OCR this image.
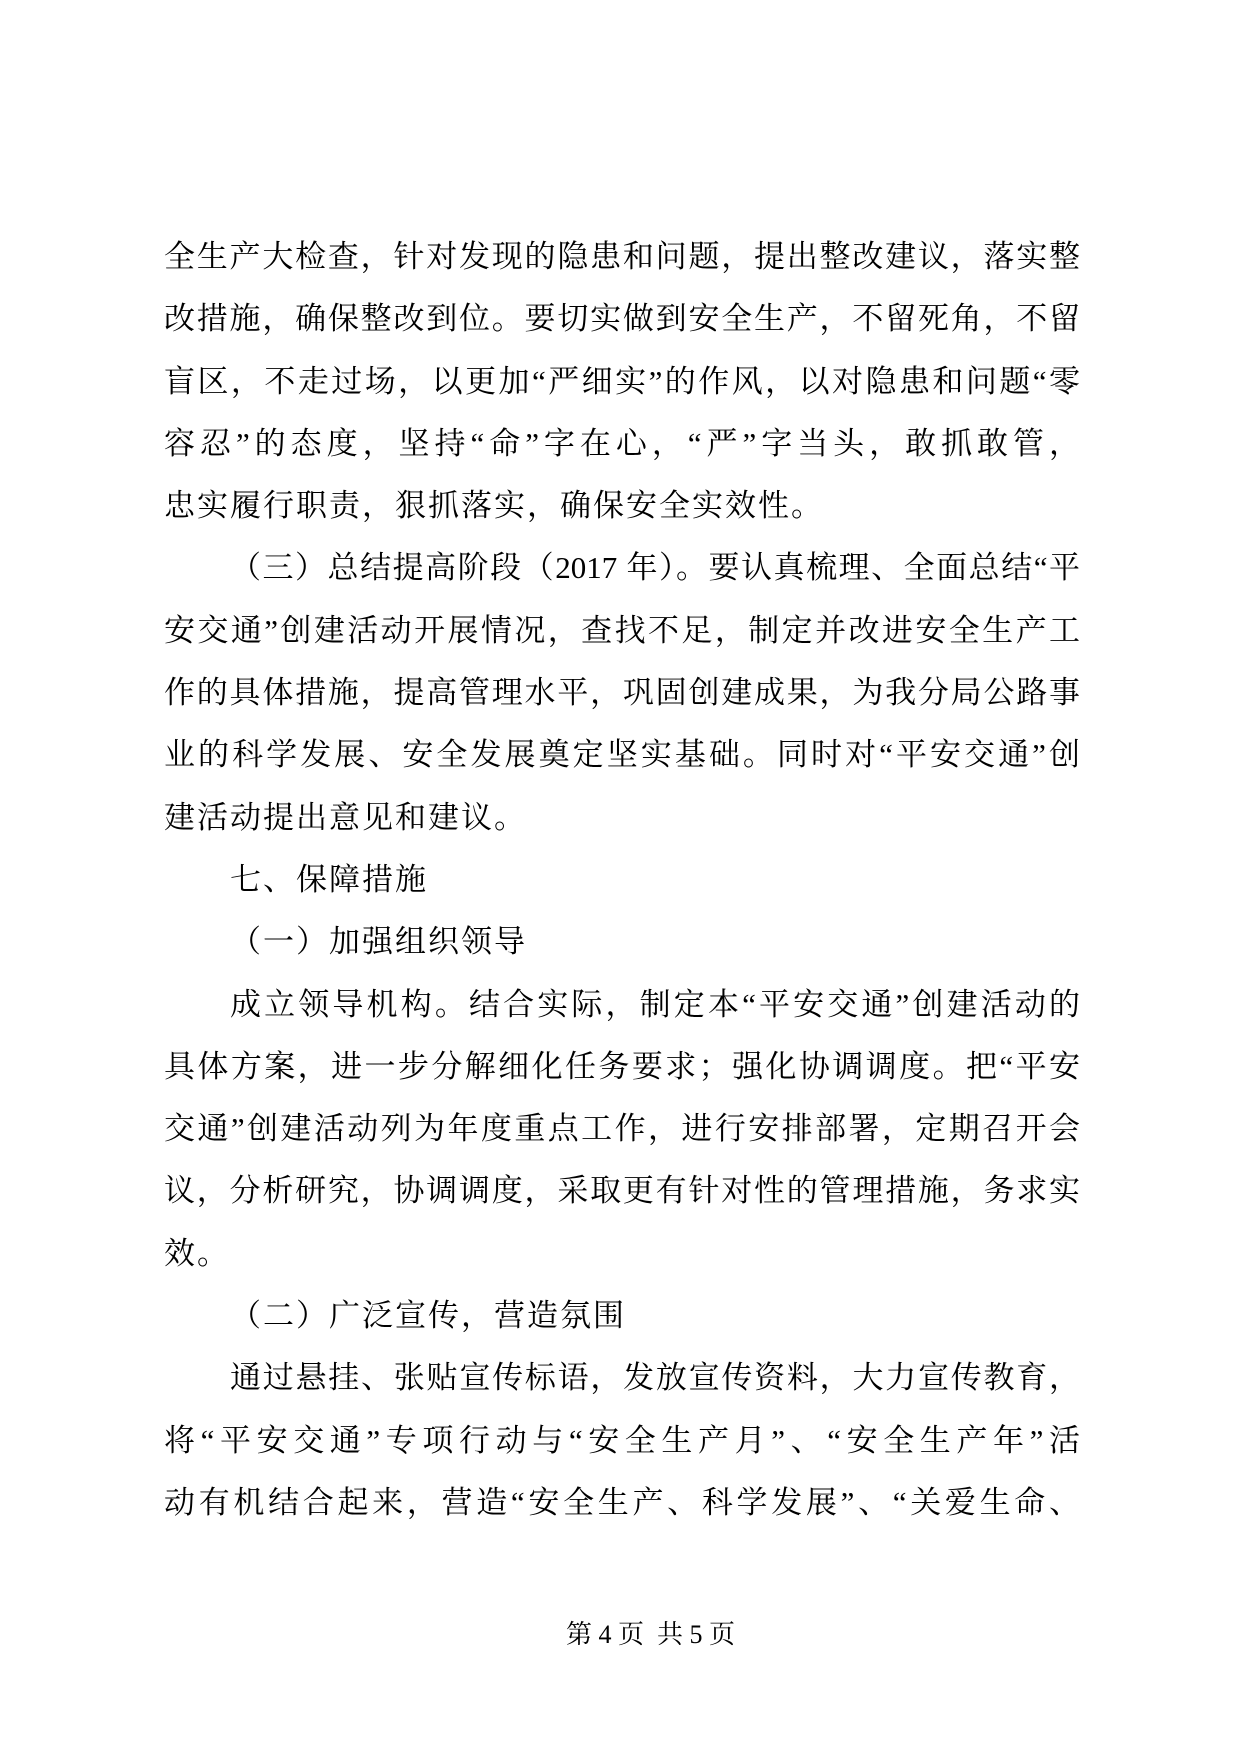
全生产大检查，针对发现的隐患和问题，提出整改建议，落实整
改措施，确保整改到位。要切实做到安全生产，不留死角，不留
盲区，不走过场，以更加“严细实”的作风，以对隐患和问题“零
容忍”的态度，坚持“命”字在心，“严”字当头，敢抓敢管，
忠实履行职责，狠抓落实，确保安全实效性。
（三）总结提高阶段（2017 年）。要认真梳理、全面总结“平
安交通”创建活动开展情况，查找不足，制定并改进安全生产工
作的具体措施，提高管理水平，巩固创建成果，为我分局公路事
业的科学发展、安全发展奠定坚实基础。同时对“平安交通”创
建活动提出意见和建议。
七、保障措施
（一）加强组织领导
成立领导机构。结合实际，制定本“平安交通”创建活动的
具体方案，进一步分解细化任务要求；强化协调调度。把“平安
交通”创建活动列为年度重点工作，进行安排部署，定期召开会
议，分析研究，协调调度，采取更有针对性的管理措施，务求实
效。
（二）广泛宣传，营造氛围
通过悬挂、张贴宣传标语，发放宣传资料，大力宣传教育，
将“平安交通”专项行动与“安全生产月”、“安全生产年”活
动有机结合起来，营造“安全生产、科学发展”、“关爱生命、
第 4 页  共 5 页
